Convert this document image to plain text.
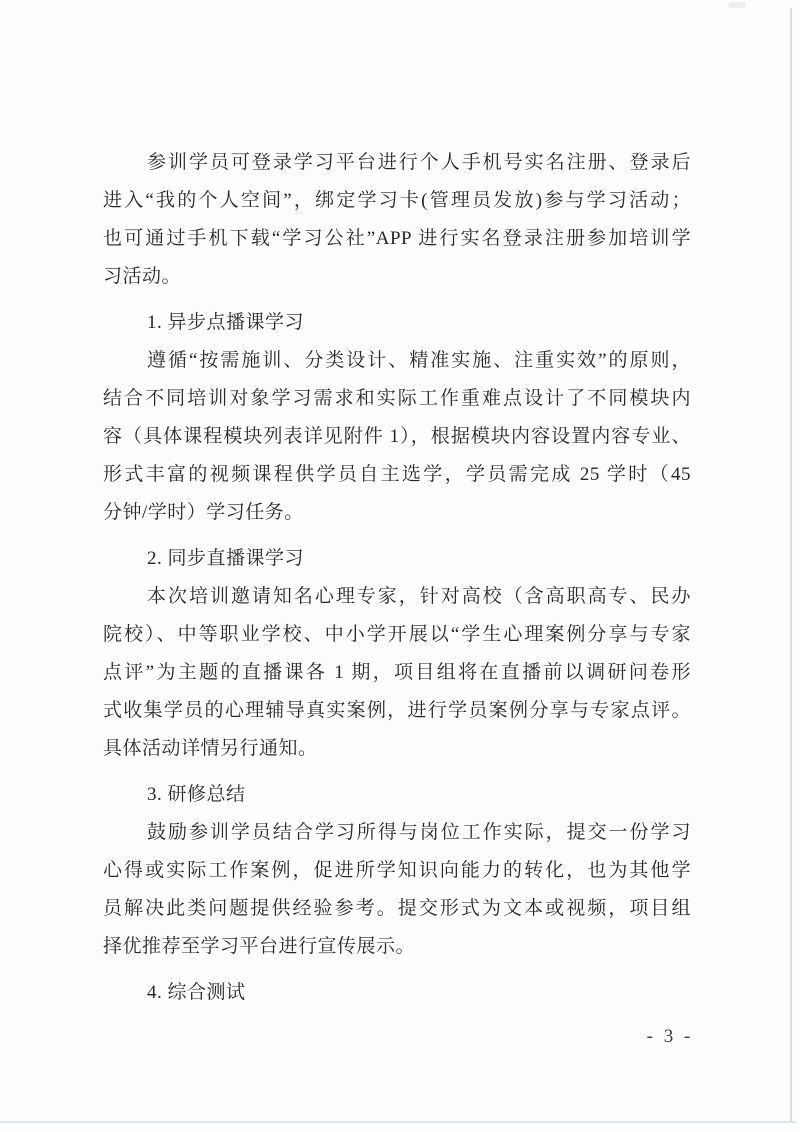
参训学员可登录学习平台进行个人手机号实名注册、登录后
进入“我的个人空间”，绑定学习卡(管理员发放)参与学习活动；
也可通过手机下载“学习公社”APP 进行实名登录注册参加培训学
习活动。
1. 异步点播课学习
遵循“按需施训、分类设计、精准实施、注重实效”的原则，
结合不同培训对象学习需求和实际工作重难点设计了不同模块内
容（具体课程模块列表详见附件 1），根据模块内容设置内容专业、
形式丰富的视频课程供学员自主选学，学员需完成 25 学时（45
分钟/学时）学习任务。
2. 同步直播课学习
本次培训邀请知名心理专家，针对高校（含高职高专、民办
院校）、中等职业学校、中小学开展以“学生心理案例分享与专家
点评”为主题的直播课各 1 期，项目组将在直播前以调研问卷形
式收集学员的心理辅导真实案例，进行学员案例分享与专家点评。
具体活动详情另行通知。
3. 研修总结
鼓励参训学员结合学习所得与岗位工作实际，提交一份学习
心得或实际工作案例，促进所学知识向能力的转化，也为其他学
员解决此类问题提供经验参考。提交形式为文本或视频，项目组
择优推荐至学习平台进行宣传展示。
4. 综合测试
- 3 -
